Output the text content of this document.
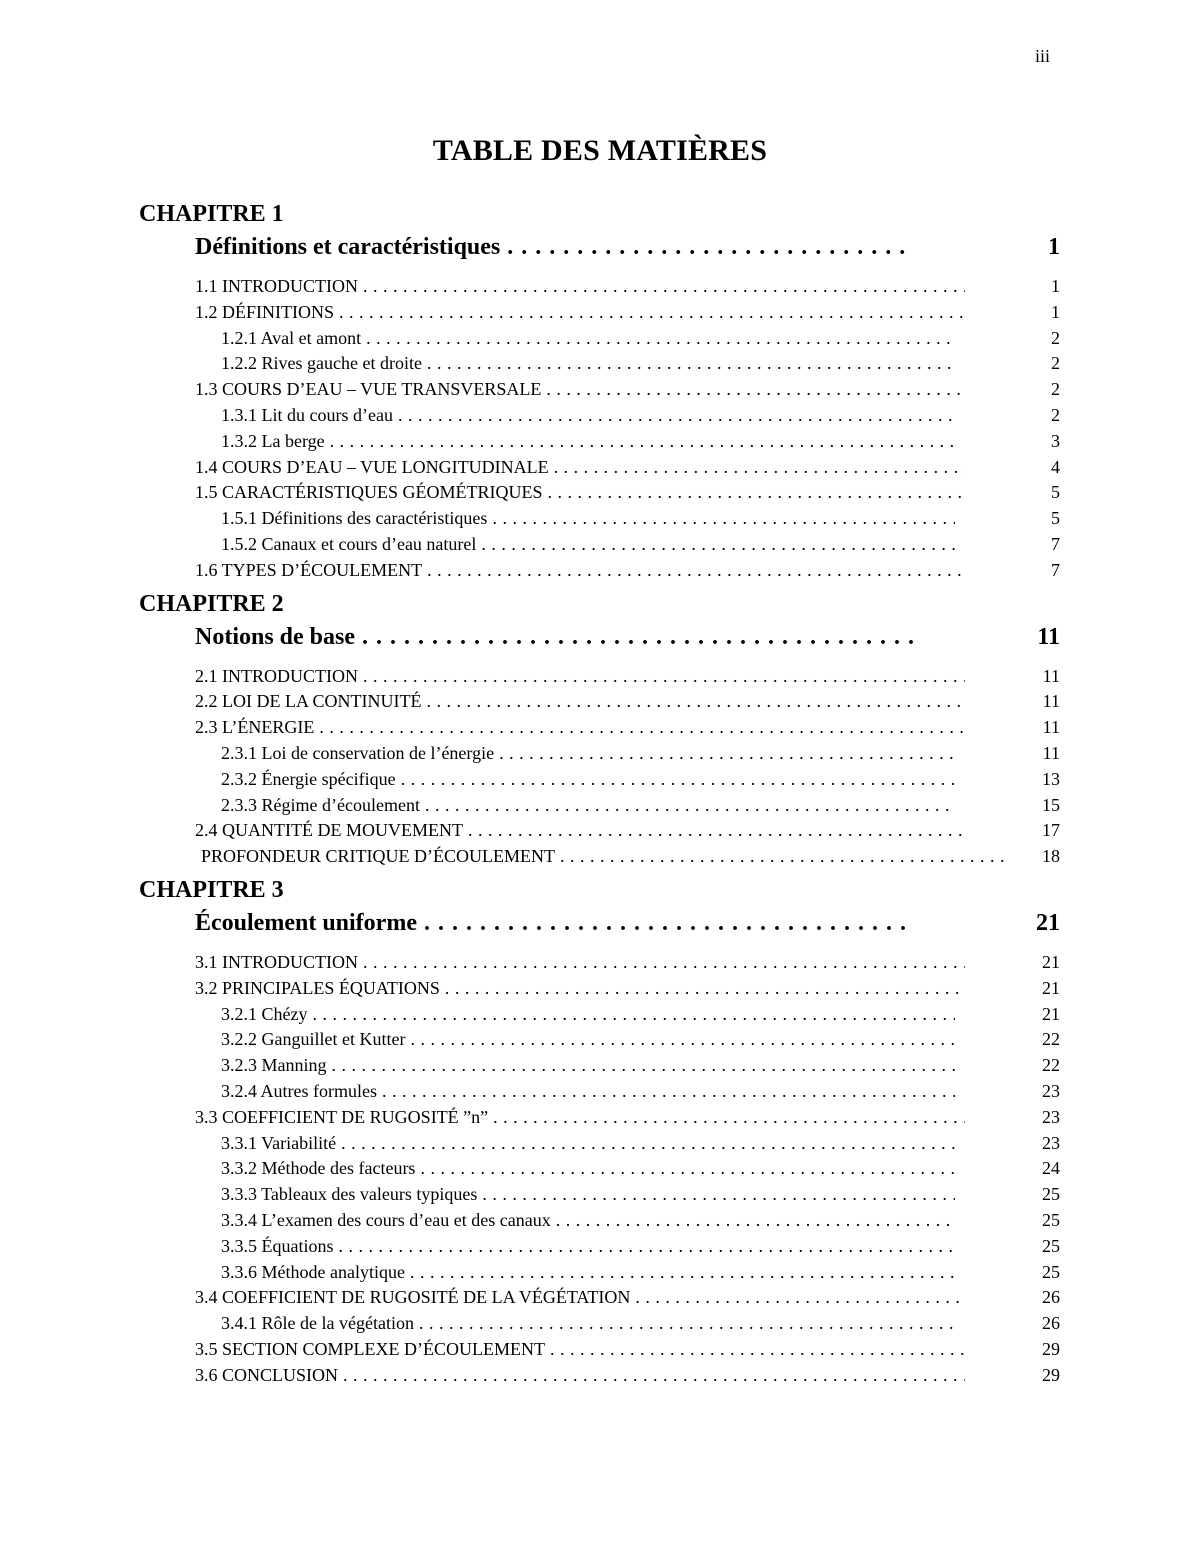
iii
TABLE DES MATIÈRES
CHAPITRE 1
Définitions et caractéristiques . . .	1
1.1 INTRODUCTION . . .	1
1.2 DÉFINITIONS . . .	1
1.2.1 Aval et amont . . .	2
1.2.2 Rives gauche et droite . . .	2
1.3 COURS D’EAU – VUE TRANSVERSALE . . .	2
1.3.1 Lit du cours d’eau . . .	2
1.3.2 La berge . . .	3
1.4 COURS D’EAU – VUE LONGITUDINALE . . .	4
1.5 CARACTÉRISTIQUES GÉOMÉTRIQUES . . .	5
1.5.1 Définitions des caractéristiques . . .	5
1.5.2 Canaux et cours d’eau naturel . . .	7
1.6 TYPES D’ÉCOULEMENT . . .	7
CHAPITRE 2
Notions de base . . .	11
2.1 INTRODUCTION . . .	11
2.2 LOI DE LA CONTINUITÉ . . .	11
2.3 L’ÉNERGIE . . .	11
2.3.1 Loi de conservation de l’énergie . . .	11
2.3.2 Énergie spécifique . . .	13
2.3.3 Régime d’écoulement . . .	15
2.4 QUANTITÉ DE MOUVEMENT . . .	17
PROFONDEUR CRITIQUE D’ÉCOULEMENT . . .	18
CHAPITRE 3
Écoulement uniforme . . .	21
3.1 INTRODUCTION . . .	21
3.2 PRINCIPALES ÉQUATIONS . . .	21
3.2.1 Chézy . . .	21
3.2.2 Ganguillet et Kutter . . .	22
3.2.3 Manning . . .	22
3.2.4 Autres formules . . .	23
3.3 COEFFICIENT DE RUGOSITÉ ”n” . . .	23
3.3.1 Variabilité . . .	23
3.3.2 Méthode des facteurs . . .	24
3.3.3 Tableaux des valeurs typiques . . .	25
3.3.4 L’examen des cours d’eau et des canaux . . .	25
3.3.5 Équations . . .	25
3.3.6 Méthode analytique . . .	25
3.4 COEFFICIENT DE RUGOSITÉ DE LA VÉGÉTATION . . .	26
3.4.1 Rôle de la végétation . . .	26
3.5 SECTION COMPLEXE D’ÉCOULEMENT . . .	29
3.6 CONCLUSION . . .	29
